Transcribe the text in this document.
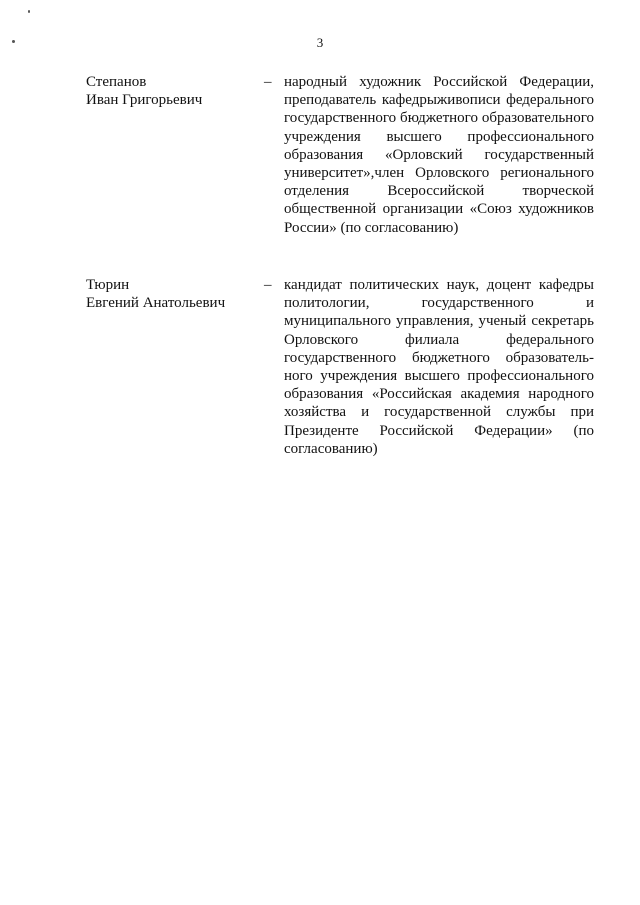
3
Степанов
Иван Григорьевич
– народный художник Российской Федерации, преподаватель кафедрыживописи федерального государственного бюджетного образовательного учреждения высшего профессионального образования «Орловский государственный университет»,член Орловского регионального отделения Всероссийской творческой общественной организации «Союз художников России» (по согласованию)
Тюрин
Евгений Анатольевич
– кандидат политических наук, доцент кафедры политологии, государственного и муниципального управления, ученый секретарь Орловского филиала федерального государственного бюджетного образователь-ного учреждения высшего профессионального образования «Российская академия народного хозяйства и государственной службы при Президенте Российской Федерации» (по согласованию)
